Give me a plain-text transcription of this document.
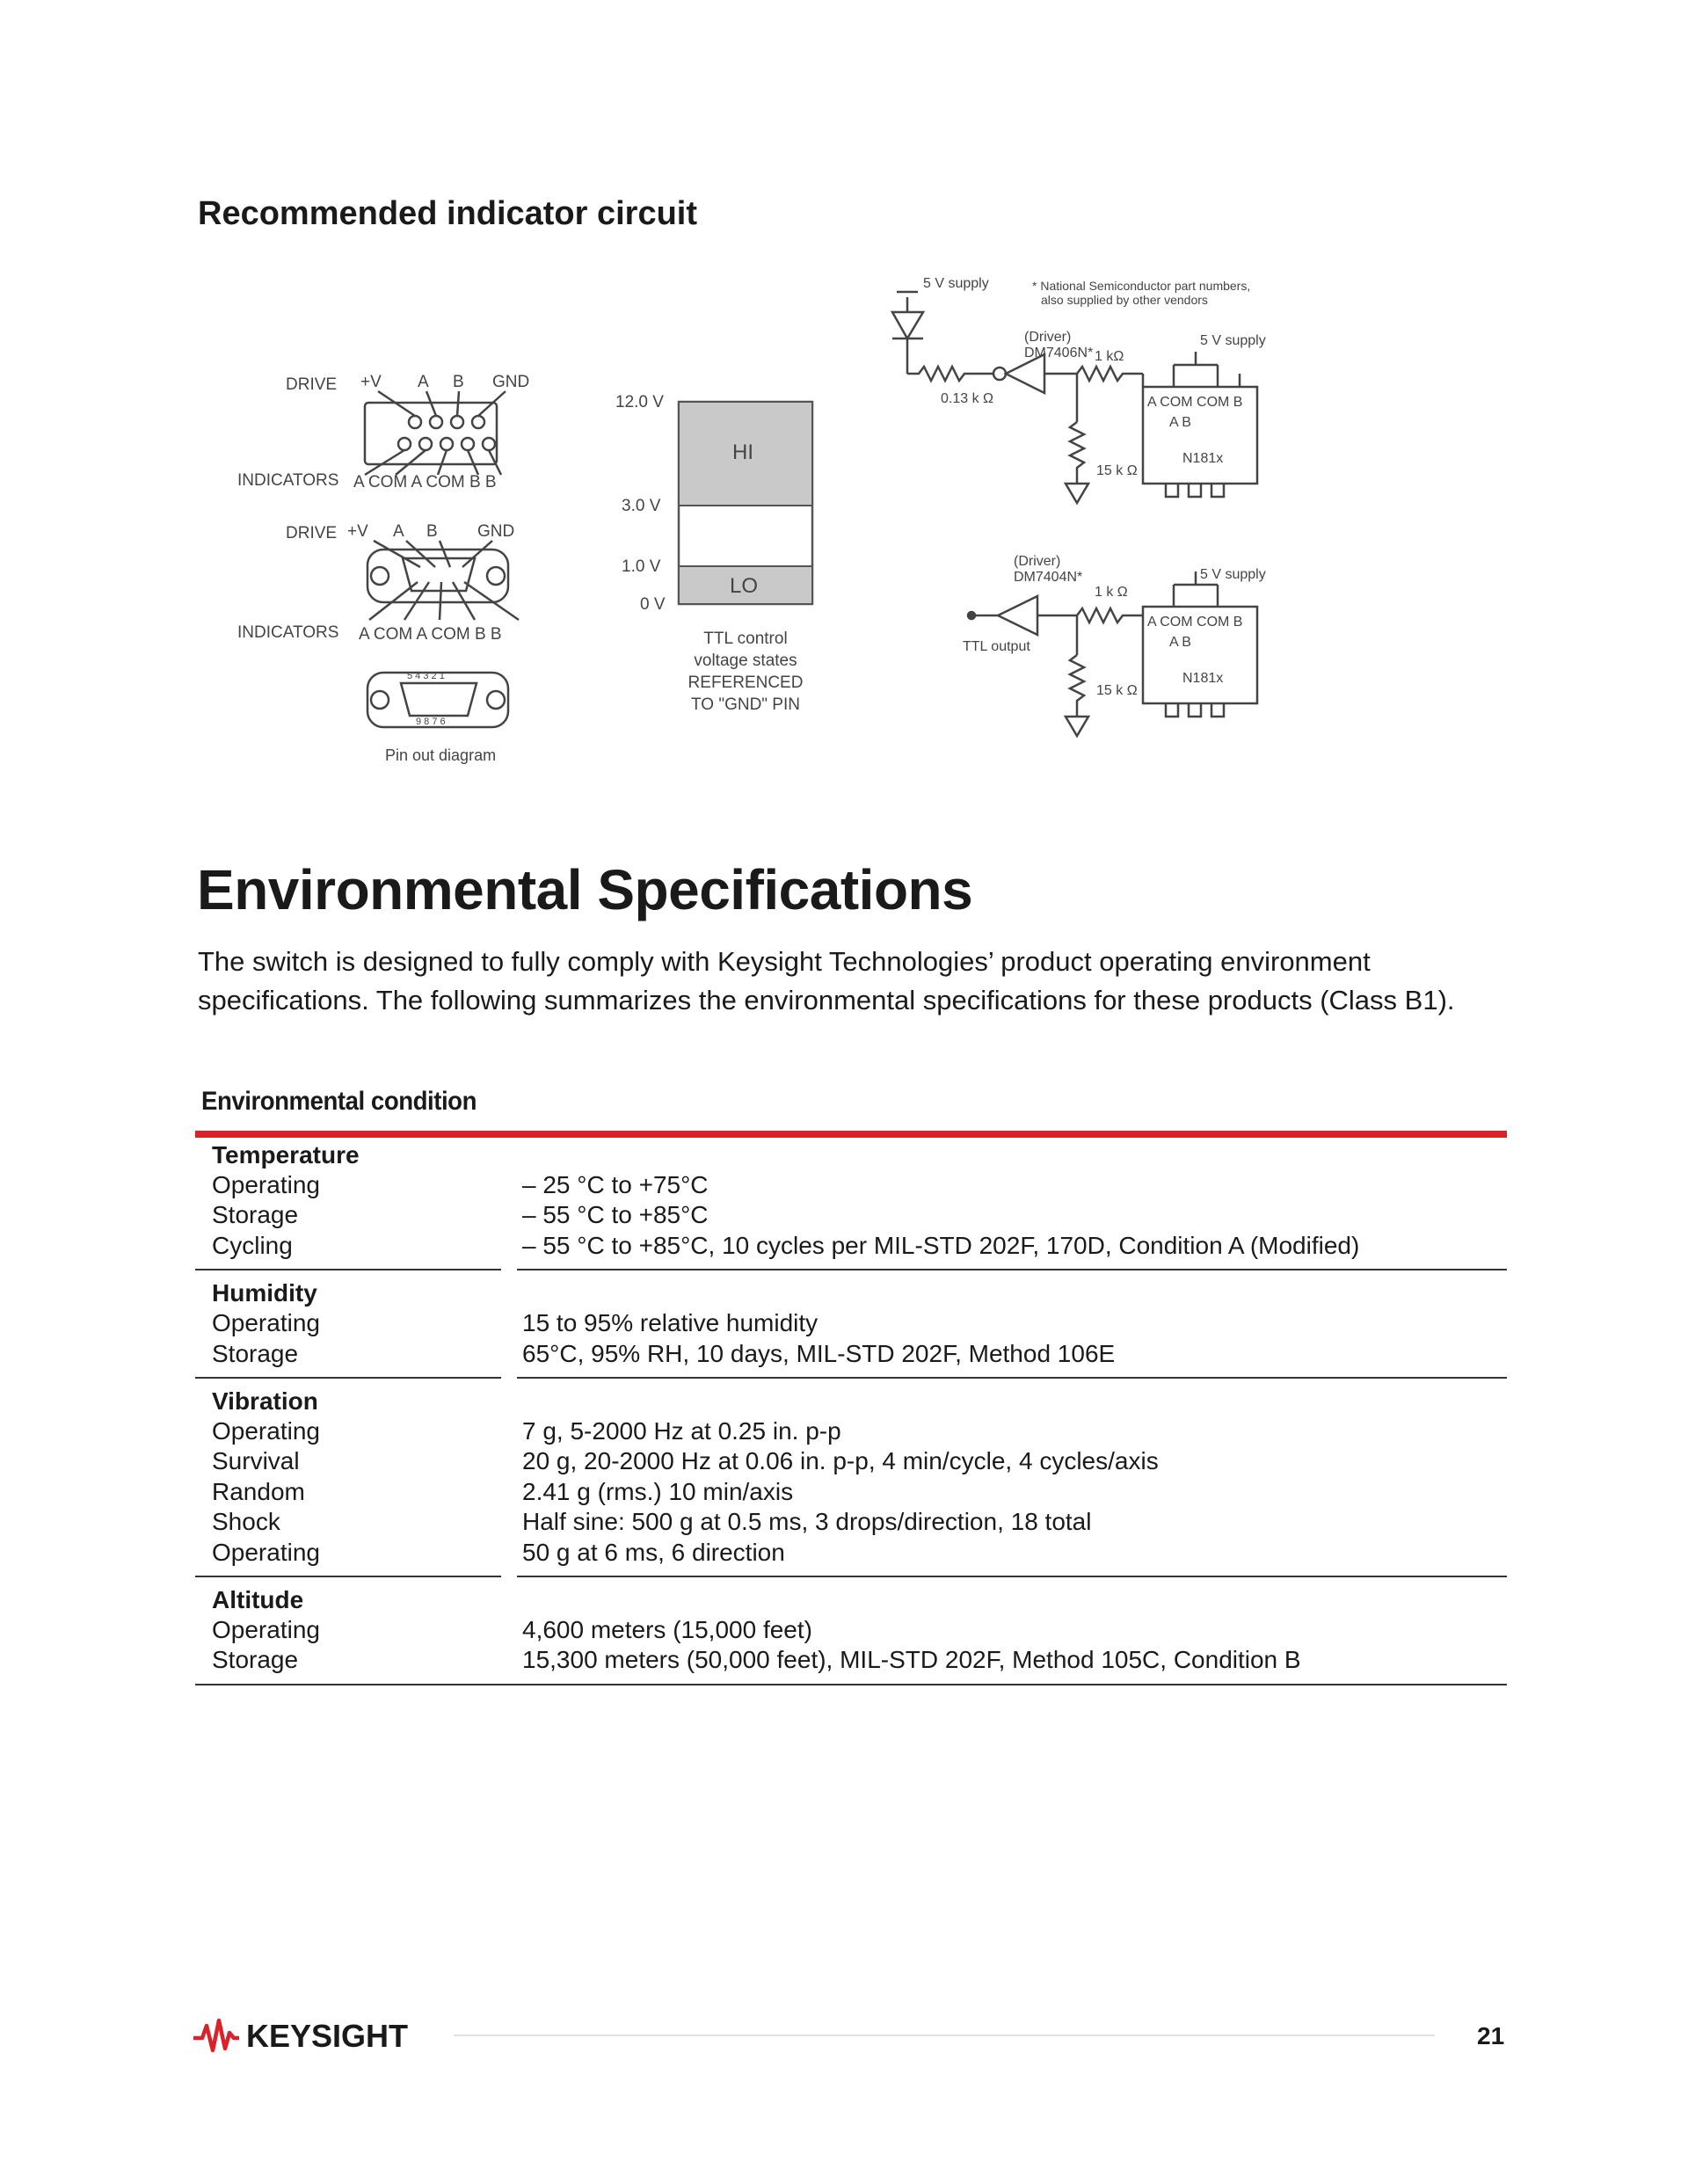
Recommended indicator circuit
DRIVE +V A B GND
INDICATORS A COM A COM B B
DRIVE +V A B GND
INDICATORS A COM A COM B B
5 4 3 2 1
9 8 7 6
Pin out diagram
12.0 V
3.0 V
1.0 V
0 V
HI
LO
TTL control
voltage states
REFERENCED
TO "GND" PIN
5 V supply	* National Semiconductor part numbers,
also supplied by other vendors
(Driver)
DM7406N* 1 kΩ
0.13 k Ω
15 k Ω
5 V supply
A COM COM B
A B
N181x
(Driver)
DM7404N*
1 k Ω
15 k Ω
5 V supply
TTL output
A COM COM B
A B
N181x
Environmental Specifications

The switch is designed to fully comply with Keysight Technologies’ product operating environment specifications. The following summarizes the environmental specifications for these products (Class B1).

Environmental condition
Temperature
Operating	– 25 °C to +75°C
Storage	– 55 °C to +85°C
Cycling	– 55 °C to +85°C, 10 cycles per MIL-STD 202F, 170D, Condition A (Modified)
Humidity
Operating	15 to 95% relative humidity
Storage	65°C, 95% RH, 10 days, MIL-STD 202F, Method 106E
Vibration
Operating	7 g, 5-2000 Hz at 0.25 in. p-p
Survival	20 g, 20-2000 Hz at 0.06 in. p-p, 4 min/cycle, 4 cycles/axis
Random	2.41 g (rms.) 10 min/axis
Shock	Half sine: 500 g at 0.5 ms, 3 drops/direction, 18 total
Operating	50 g at 6 ms, 6 direction
Altitude
Operating	4,600 meters (15,000 feet)
Storage	15,300 meters (50,000 feet), MIL-STD 202F, Method 105C, Condition B
KEYSIGHT	21
